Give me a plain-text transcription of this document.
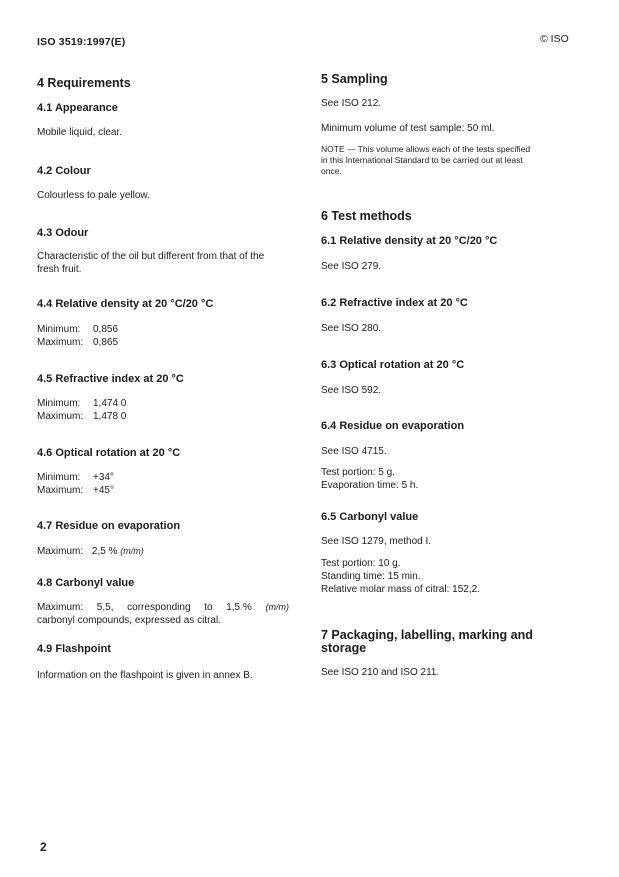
ISO 3519:1997(E)	© ISO
4 Requirements
4.1 Appearance
Mobile liquid, clear.
4.2 Colour
Colourless to pale yellow.
4.3 Odour
Characteristic of the oil but different from that of the
fresh fruit.
4.4 Relative density at 20 °C/20 °C
Minimum:	0,856
Maximum:	0,865
4.5 Refractive index at 20 °C
Minimum:	1,474 0
Maximum:	1,478 0
4.6 Optical rotation at 20 °C
Minimum:	+34°
Maximum:	+45°
4.7 Residue on evaporation
Maximum: 2,5 % (m/m)
4.8 Carbonyl value
Maximum: 5,5, corresponding to 1,5 % (m/m)
carbonyl compounds, expressed as citral.
4.9 Flashpoint
Information on the flashpoint is given in annex B.
5 Sampling
See ISO 212.
Minimum volume of test sample: 50 ml.
NOTE — This volume allows each of the tests specified
in this International Standard to be carried out at least
once.
6 Test methods
6.1 Relative density at 20 °C/20 °C
See ISO 279.
6.2 Refractive index at 20 °C
See ISO 280.
6.3 Optical rotation at 20 °C
See ISO 592.
6.4 Residue on evaporation
See ISO 4715.
Test portion: 5 g.
Evaporation time: 5 h.
6.5 Carbonyl value
See ISO 1279, method I.
Test portion: 10 g.
Standing time: 15 min.
Relative molar mass of citral: 152,2.
7 Packaging, labelling, marking and
storage
See ISO 210 and ISO 211.
2
